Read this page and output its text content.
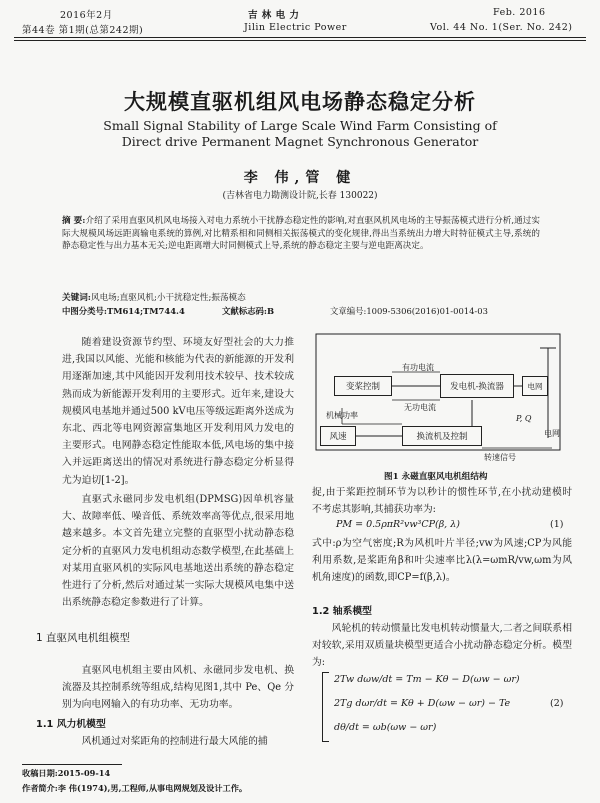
2016年2月
第44卷 第1期(总第242期)
吉 林 电 力
Jilin Electric Power
Feb. 2016
Vol. 44 No. 1(Ser. No. 242)
大规模直驱机组风电场静态稳定分析
Small Signal Stability of Large Scale Wind Farm Consisting of
Direct drive Permanent Magnet Synchronous Generator
李 伟,管 健
(吉林省电力勘测设计院,长春 130022)
摘 要:介绍了采用直驱风机风电场接入对电力系统小干扰静态稳定性的影响,对直驱风机风电场的主导振荡模式进行分析,通过实际大规模风场远距离输电系统的算例,对比精系相和同侧相关振荡模式的变化规律,得出当系统出力增大时特征模式主导,系统的静态稳定性与出力基本无关;逆电距离增大时同侧模式上导,系统的静态稳定主要与逆电距离决定。
关键词:风电场;直驱风机;小干扰稳定性;振荡模态
中图分类号:TM614;TM744.4	文献标志码:B	文章编号:1009-5306(2016)01-0014-03

随着建设资源节约型、环境友好型社会的大力推进,我国以风能、光能和核能为代表的新能源的开发利用逐渐加速,其中风能因开发利用技术较早、技术较成熟而成为新能源开发利用的主要形式。近年来,建设大规模风电基地并通过500 kV电压等级远距离外送成为东北、西北等电网资源富集地区开发利用风力发电的主要形式。电网静态稳定性能取本低,风电场的集中接入并远距离送出的情况对系统进行静态稳定分析显得尤为迫切[1-2]。

直驱式永磁同步发电机组(DPMSG)因单机容量大、故障率低、噪音低、系统效率高等优点,很采用地越来越多。本文首先建立完整的直驱型小扰动静态稳定分析的直驱风力发电机组动态数学模型,在此基础上对某用直驱风机的实际风电基地送出系统的静态稳定性进行了分析,然后对通过某一实际大规模风电集中送出系统静态稳定参数进行了计算。

1 直驱风电机组模型

直驱风电机组主要由风机、永磁同步发电机、换流器及其控制系统等组成,结构见图1,其中 Pe、Qe 分别为向电网输入的有功功率、无功功率。

1.1 风力机模型

风机通过对桨距角的控制进行最大风能的捕

变桨控制	发电机-换流器	电网
风速	换流机及控制
有功电流
无功电流
机械功率
转速信号
P, Q
电网
图1 永磁直驱风电机组结构

捉,由于桨距控制环节为以秒计的惯性环节,在小扰动建模时不考虑其影响,其捕获功率为:

PM = 0.5ρπR²vw³CP(β, λ)	(1)

式中:ρ为空气密度;R为风机叶片半径;vw为风速;CP为风能利用系数,是桨距角β和叶尖速率比λ(λ=ωmR/vw,ωm为风机角速度)的函数,即CP=f(β,λ)。

1.2 轴系模型

风轮机的转动惯量比发电机转动惯量大,二者之间联系相对较软,采用双质量块模型更适合小扰动静态稳定分析。模型为:

2Tw dωw/dt = Tm − Kθ − D(ωw − ωr)
2Tg dωr/dt = Kθ + D(ωw − ωr) − Te	(2)
dθ/dt = ωb(ωw − ωr)
收稿日期:2015-09-14
作者简介:李 伟(1974),男,工程师,从事电网规划及设计工作。
